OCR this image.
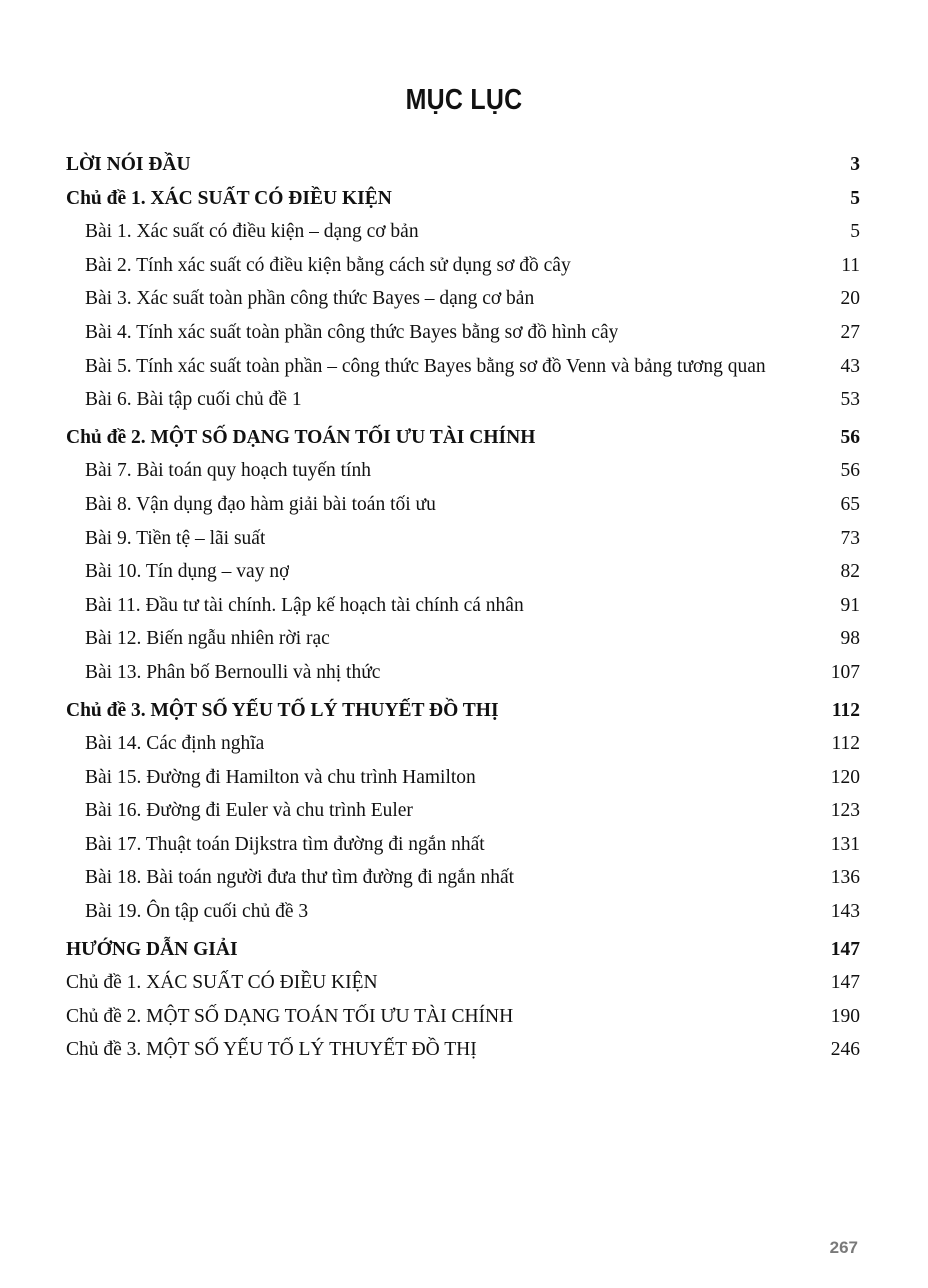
MỤC LỤC
LỜI NÓI ĐẦU	3
Chủ đề 1. XÁC SUẤT CÓ ĐIỀU KIỆN	5
Bài 1. Xác suất có điều kiện – dạng cơ bản	5
Bài 2. Tính xác suất có điều kiện bằng cách sử dụng sơ đồ cây	11
Bài 3. Xác suất toàn phần công thức Bayes – dạng cơ bản	20
Bài 4. Tính xác suất toàn phần công thức Bayes bằng sơ đồ hình cây	27
Bài 5. Tính xác suất toàn phần – công thức Bayes bằng sơ đồ Venn và bảng tương quan	43
Bài 6. Bài tập cuối chủ đề 1	53
Chủ đề 2. MỘT SỐ DẠNG TOÁN TỐI ƯU TÀI CHÍNH	56
Bài 7. Bài toán quy hoạch tuyến tính	56
Bài 8. Vận dụng đạo hàm giải bài toán tối ưu	65
Bài 9. Tiền tệ – lãi suất	73
Bài 10. Tín dụng – vay nợ	82
Bài 11. Đầu tư tài chính. Lập kế hoạch tài chính cá nhân	91
Bài 12. Biến ngẫu nhiên rời rạc	98
Bài 13. Phân bố Bernoulli và nhị thức	107
Chủ đề 3. MỘT SỐ YẾU TỐ LÝ THUYẾT ĐỒ THỊ	112
Bài 14. Các định nghĩa	112
Bài 15. Đường đi Hamilton và chu trình Hamilton	120
Bài 16. Đường đi Euler và chu trình Euler	123
Bài 17. Thuật toán Dijkstra tìm đường đi ngắn nhất	131
Bài 18. Bài toán người đưa thư tìm đường đi ngắn nhất	136
Bài 19. Ôn tập cuối chủ đề 3	143
HƯỚNG DẪN GIẢI	147
Chủ đề 1. XÁC SUẤT CÓ ĐIỀU KIỆN	147
Chủ đề 2. MỘT SỐ DẠNG TOÁN TỐI ƯU TÀI CHÍNH	190
Chủ đề 3. MỘT SỐ YẾU TỐ LÝ THUYẾT ĐỒ THỊ	246
267
